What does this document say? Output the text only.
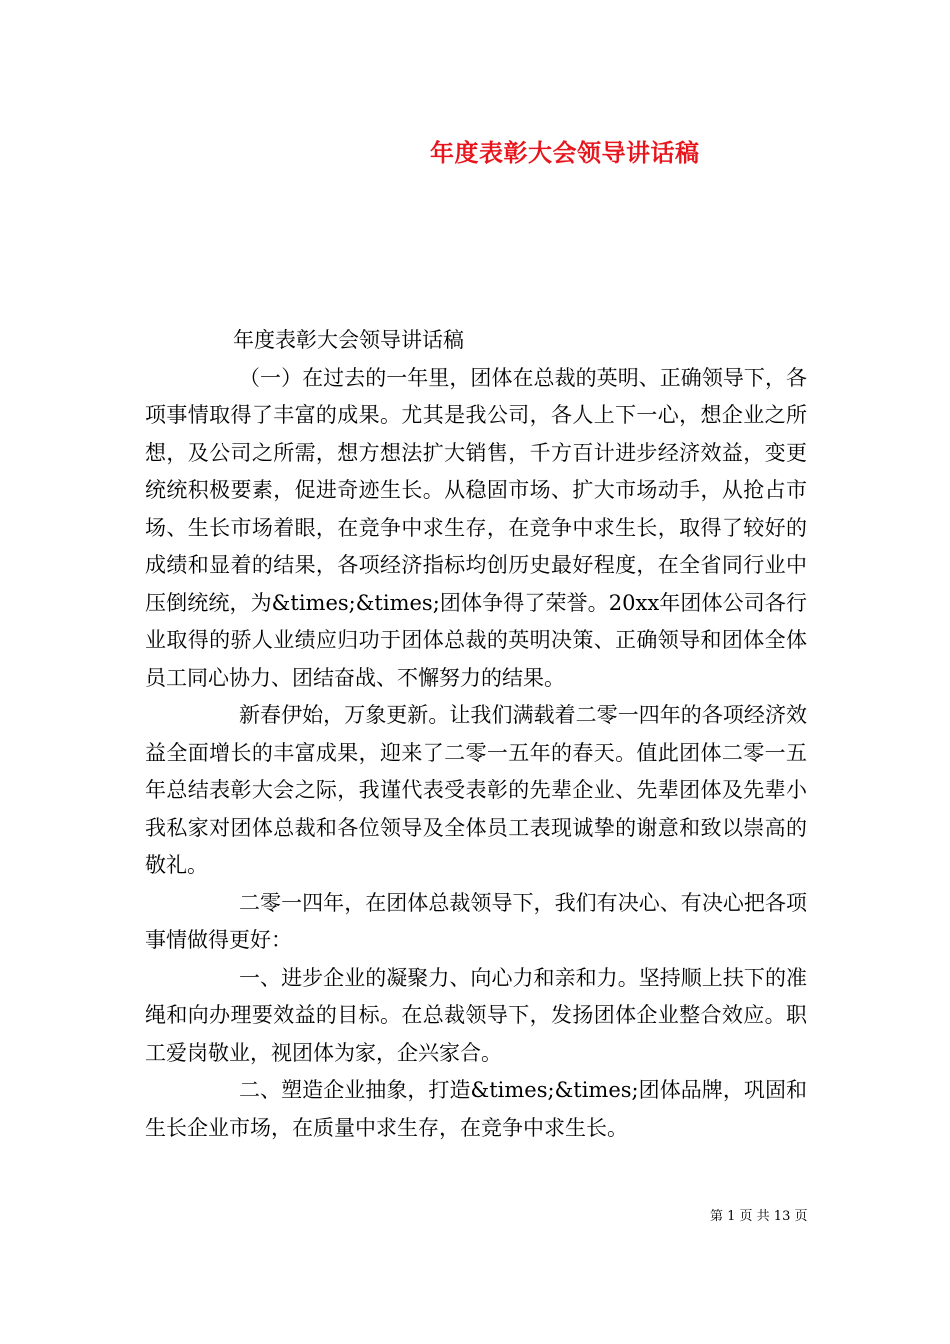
年度表彰大会领导讲话稿

年度表彰大会领导讲话稿

（一）在过去的一年里，团体在总裁的英明、正确领导下，各项事情取得了丰富的成果。尤其是我公司，各人上下一心，想企业之所想，及公司之所需，想方想法扩大销售，千方百计进步经济效益，变更统统积极要素，促进奇迹生长。从稳固市场、扩大市场动手，从抢占市场、生长市场着眼，在竞争中求生存，在竞争中求生长，取得了较好的成绩和显着的结果，各项经济指标均创历史最好程度，在全省同行业中压倒统统，为&times;&times;团体争得了荣誉。20xx年团体公司各行业取得的骄人业绩应归功于团体总裁的英明决策、正确领导和团体全体员工同心协力、团结奋战、不懈努力的结果。

新春伊始，万象更新。让我们满载着二零一四年的各项经济效益全面增长的丰富成果，迎来了二零一五年的春天。值此团体二零一五年总结表彰大会之际，我谨代表受表彰的先辈企业、先辈团体及先辈小我私家对团体总裁和各位领导及全体员工表现诚挚的谢意和致以崇高的敬礼。

二零一四年，在团体总裁领导下，我们有决心、有决心把各项事情做得更好：

一、进步企业的凝聚力、向心力和亲和力。坚持顺上扶下的准绳和向办理要效益的目标。在总裁领导下，发扬团体企业整合效应。职工爱岗敬业，视团体为家，企兴家合。

二、塑造企业抽象，打造&times;&times;团体品牌，巩固和生长企业市场，在质量中求生存，在竞争中求生长。

第 1 页 共 13 页
